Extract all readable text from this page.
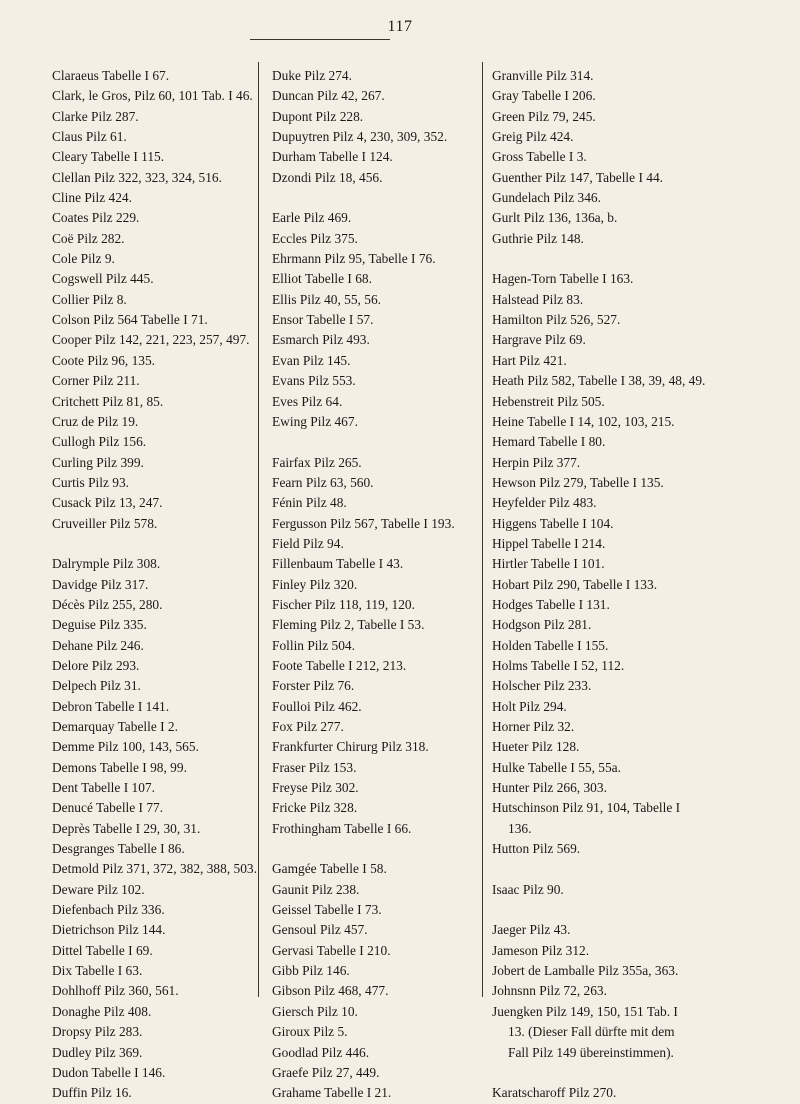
117
Claraeus Tabelle I 67.
Clark, le Gros, Pilz 60, 101 Tab. I 46.
Clarke Pilz 287.
Claus Pilz 61.
Cleary Tabelle I 115.
Clellan Pilz 322, 323, 324, 516.
Cline Pilz 424.
Coates Pilz 229.
Coë Pilz 282.
Cole Pilz 9.
Cogswell Pilz 445.
Collier Pilz 8.
Colson Pilz 564 Tabelle I 71.
Cooper Pilz 142, 221, 223, 257, 497.
Coote Pilz 96, 135.
Corner Pilz 211.
Critchett Pilz 81, 85.
Cruz de Pilz 19.
Cullogh Pilz 156.
Curling Pilz 399.
Curtis Pilz 93.
Cusack Pilz 13, 247.
Cruveiller Pilz 578.
Dalrymple Pilz 308.
Davidge Pilz 317.
Décès Pilz 255, 280.
Deguise Pilz 335.
Dehane Pilz 246.
Delore Pilz 293.
Delpech Pilz 31.
Debron Tabelle I 141.
Demarquay Tabelle I 2.
Demme Pilz 100, 143, 565.
Demons Tabelle I 98, 99.
Dent Tabelle I 107.
Denucé Tabelle I 77.
Deprès Tabelle I 29, 30, 31.
Desgranges Tabelle I 86.
Detmold Pilz 371, 372, 382, 388, 503.
Deware Pilz 102.
Diefenbach Pilz 336.
Dietrichson Pilz 144.
Dittel Tabelle I 69.
Dix Tabelle I 63.
Dohlhoff Pilz 360, 561.
Donaghe Pilz 408.
Dropsy Pilz 283.
Dudley Pilz 369.
Dudon Tabelle I 146.
Duffin Pilz 16.
Duke Pilz 274.
Duncan Pilz 42, 267.
Dupont Pilz 228.
Dupuytren Pilz 4, 230, 309, 352.
Durham Tabelle I 124.
Dzondi Pilz 18, 456.
Earle Pilz 469.
Eccles Pilz 375.
Ehrmann Pilz 95, Tabelle I 76.
Elliot Tabelle I 68.
Ellis Pilz 40, 55, 56.
Ensor Tabelle I 57.
Esmarch Pilz 493.
Evan Pilz 145.
Evans Pilz 553.
Eves Pilz 64.
Ewing Pilz 467.
Fairfax Pilz 265.
Fearn Pilz 63, 560.
Fénin Pilz 48.
Fergusson Pilz 567, Tabelle I 193.
Field Pilz 94.
Fillenbaum Tabelle I 43.
Finley Pilz 320.
Fischer Pilz 118, 119, 120.
Fleming Pilz 2, Tabelle I 53.
Follin Pilz 504.
Foote Tabelle I 212, 213.
Forster Pilz 76.
Foulloi Pilz 462.
Fox Pilz 277.
Frankfurter Chirurg Pilz 318.
Fraser Pilz 153.
Freyse Pilz 302.
Fricke Pilz 328.
Frothingham Tabelle I 66.
Gamgée Tabelle I 58.
Gaunit Pilz 238.
Geissel Tabelle I 73.
Gensoul Pilz 457.
Gervasi Tabelle I 210.
Gibb Pilz 146.
Gibson Pilz 468, 477.
Giersch Pilz 10.
Giroux Pilz 5.
Goodlad Pilz 446.
Graefe Pilz 27, 449.
Grahame Tabelle I 21.
Granville Pilz 314.
Gray Tabelle I 206.
Green Pilz 79, 245.
Greig Pilz 424.
Gross Tabelle I 3.
Guenther Pilz 147, Tabelle I 44.
Gundelach Pilz 346.
Gurlt Pilz 136, 136a, b.
Guthrie Pilz 148.
Hagen-Torn Tabelle I 163.
Halstead Pilz 83.
Hamilton Pilz 526, 527.
Hargrave Pilz 69.
Hart Pilz 421.
Heath Pilz 582, Tabelle I 38, 39, 48, 49.
Hebenstreit Pilz 505.
Heine Tabelle I 14, 102, 103, 215.
Hemard Tabelle I 80.
Herpin Pilz 377.
Hewson Pilz 279, Tabelle I 135.
Heyfelder Pilz 483.
Higgens Tabelle I 104.
Hippel Tabelle I 214.
Hirtler Tabelle I 101.
Hobart Pilz 290, Tabelle I 133.
Hodges Tabelle I 131.
Hodgson Pilz 281.
Holden Tabelle I 155.
Holms Tabelle I 52, 112.
Holscher Pilz 233.
Holt Pilz 294.
Horner Pilz 32.
Hueter Pilz 128.
Hulke Tabelle I 55, 55a.
Hunter Pilz 266, 303.
Hutschinson Pilz 91, 104, Tabelle I
136.
Hutton Pilz 569.
Isaac Pilz 90.
Jaeger Pilz 43.
Jameson Pilz 312.
Jobert de Lamballe Pilz 355a, 363.
Johnsnn Pilz 72, 263.
Juengken Pilz 149, 150, 151 Tab. I
13. (Dieser Fall dürfte mit dem
Fall Pilz 149 übereinstimmen).
Karatscharoff Pilz 270.
